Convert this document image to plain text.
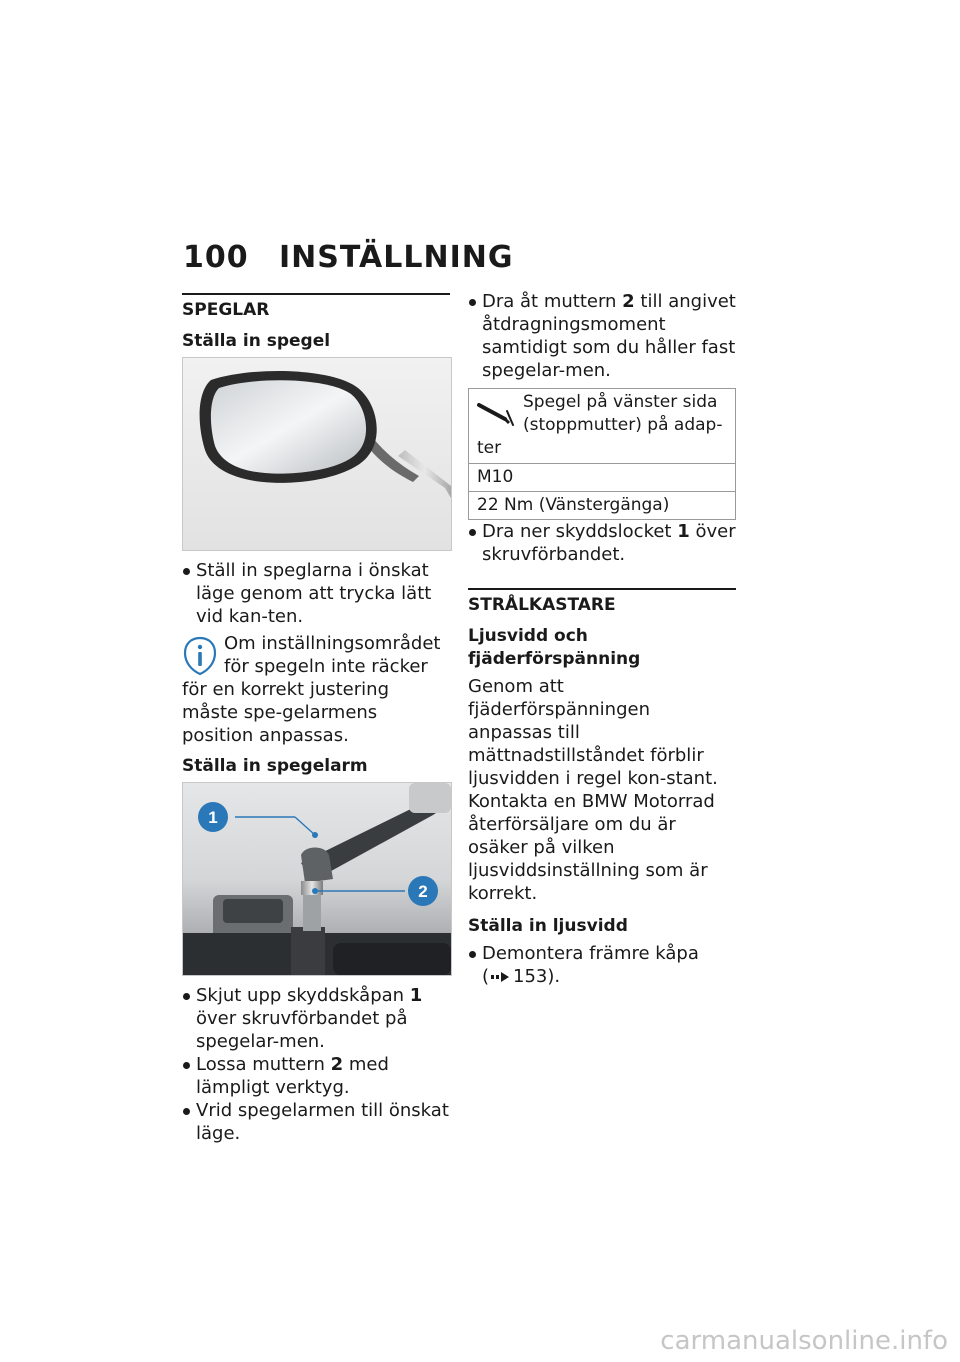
100 INSTÄLLNING
SPEGLAR
Ställa in spegel
Ställ in speglarna i önskat läge genom att trycka lätt vid kan-ten.

Om inställningsområdet för spegeln inte räcker för en korrekt justering måste spe-gelarmens position anpassas.

Ställa in spegelarm
1
2
Skjut upp skyddskåpan 1 över skruvförbandet på spegelar-men.
Lossa muttern 2 med lämpligt verktyg.
Vrid spegelarmen till önskat läge.
Dra åt muttern 2 till angivet åtdragningsmoment samtidigt som du håller fast spegelar-men.
Spegel på vänster sida (stoppmutter) på adap-ter
M10
22 Nm (Vänstergänga)
Dra ner skyddslocket 1 över skruvförbandet.
STRÅLKASTARE
Ljusvidd och fjäderförspänning

Genom att fjäderförspänningen anpassas till mättnadstillståndet förblir ljusvidden i regel kon-stant.

Kontakta en BMW Motorrad återförsäljare om du är osäker på vilken ljusviddsinställning som är korrekt.

Ställa in ljusvidd
Demontera främre kåpa
( 153).
carmanualsonline.info
